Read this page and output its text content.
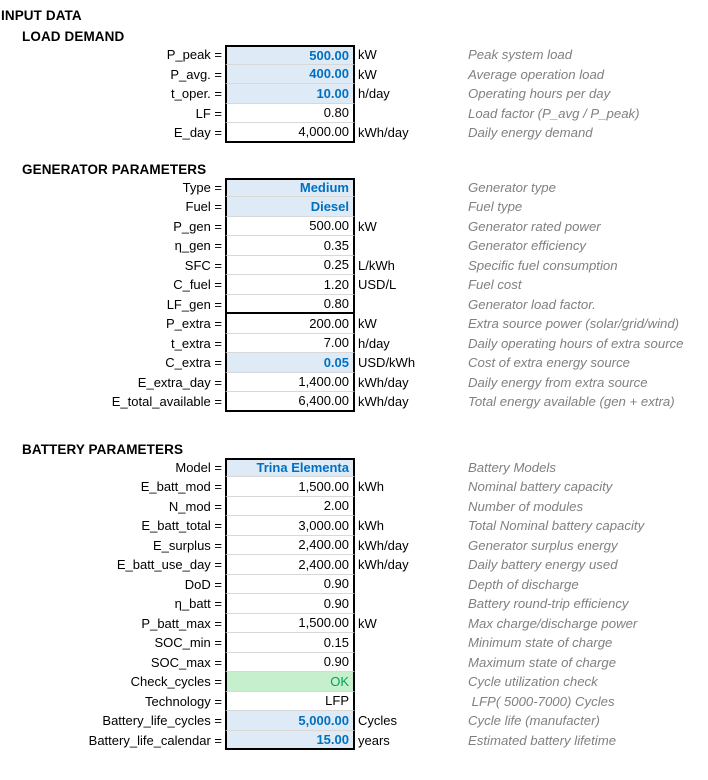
INPUT DATA
LOAD DEMAND
P_peak =	500.00 kW	Peak system load
P_avg. =	400.00 kW	Average operation load
t_oper. =	10.00 h/day	Operating hours per day
LF =	0.80	Load factor (P_avg / P_peak)
E_day =	4,000.00 kWh/day	Daily energy demand
GENERATOR PARAMETERS
Type =	Medium	Generator type
Fuel =	Diesel	Fuel type
P_gen =	500.00 kW	Generator rated power
η_gen =	0.35	Generator efficiency
SFC =	0.25 L/kWh	Specific fuel consumption
C_fuel =	1.20 USD/L	Fuel cost
LF_gen =	0.80	Generator load factor.
P_extra =	200.00 kW	Extra source power (solar/grid/wind)
t_extra =	7.00 h/day	Daily operating hours of extra source
C_extra =	0.05 USD/kWh	Cost of extra energy source
E_extra_day =	1,400.00 kWh/day	Daily energy from extra source
E_total_available =	6,400.00 kWh/day	Total energy available (gen + extra)
BATTERY PARAMETERS
Model =	Trina Elementa	Battery Models
E_batt_mod =	1,500.00 kWh	Nominal battery capacity
N_mod =	2.00	Number of modules
E_batt_total =	3,000.00 kWh	Total Nominal battery capacity
E_surplus =	2,400.00 kWh/day	Generator surplus energy
E_batt_use_day =	2,400.00 kWh/day	Daily battery energy used
DoD =	0.90	Depth of discharge
η_batt =	0.90	Battery round-trip efficiency
P_batt_max =	1,500.00 kW	Max charge/discharge power
SOC_min =	0.15	Minimum state of charge
SOC_max =	0.90	Maximum state of charge
Check_cycles =	OK	Cycle utilization check
Technology =	LFP	LFP( 5000-7000) Cycles
Battery_life_cycles =	5,000.00 Cycles	Cycle life (manufacter)
Battery_life_calendar =	15.00 years	Estimated battery lifetime
